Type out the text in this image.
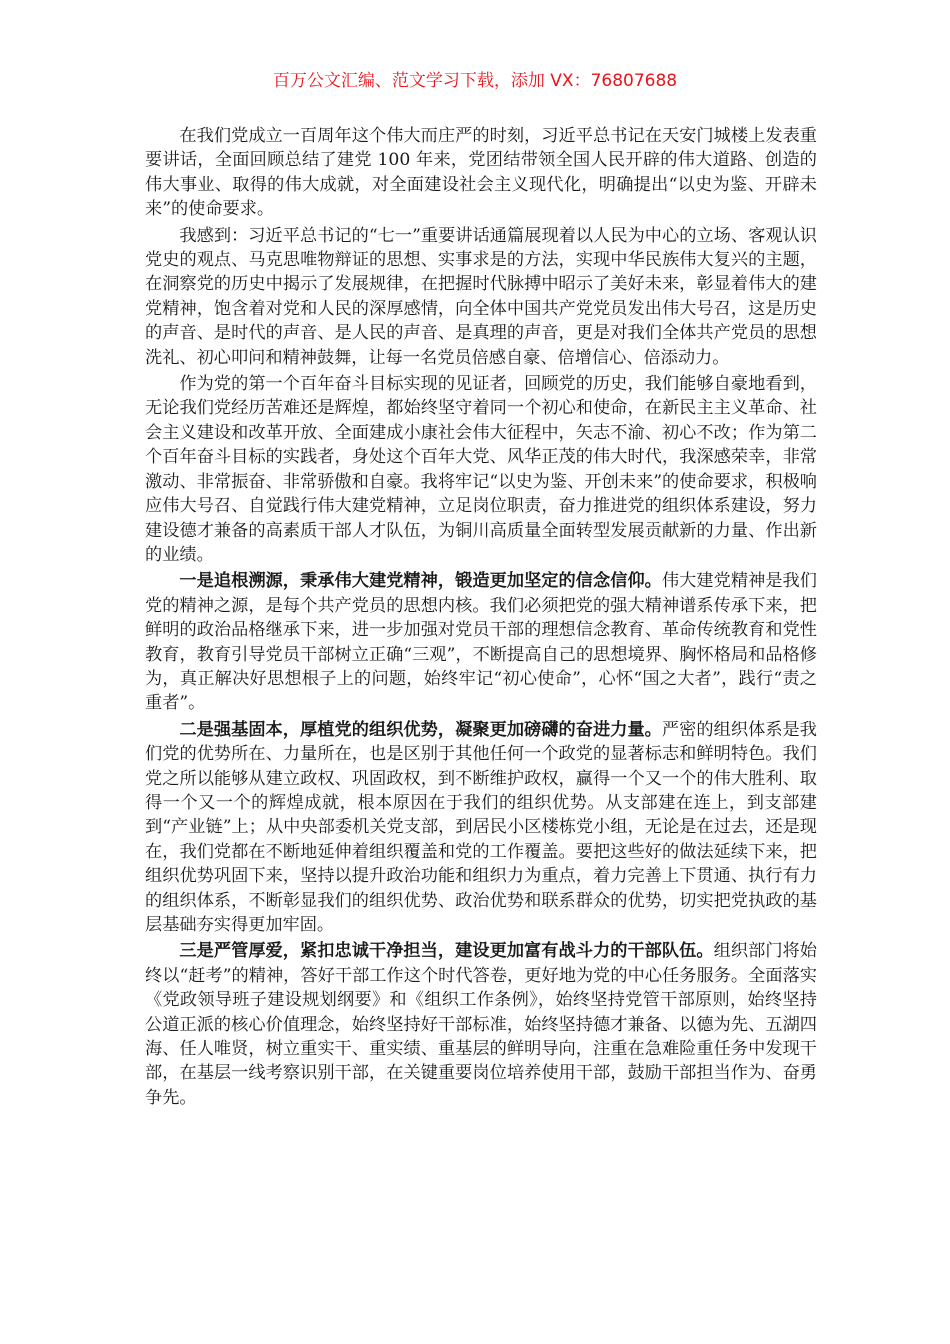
百万公文汇编、范文学习下载，添加 VX：76807688

在我们党成立一百周年这个伟大而庄严的时刻，习近平总书记在天安门城楼上发表重要讲话，全面回顾总结了建党 100 年来，党团结带领全国人民开辟的伟大道路、创造的伟大事业、取得的伟大成就，对全面建设社会主义现代化，明确提出“以史为鉴、开辟未来”的使命要求。

我感到：习近平总书记的“七一”重要讲话通篇展现着以人民为中心的立场、客观认识党史的观点、马克思唯物辩证的思想、实事求是的方法，实现中华民族伟大复兴的主题，在洞察党的历史中揭示了发展规律，在把握时代脉搏中昭示了美好未来，彰显着伟大的建党精神，饱含着对党和人民的深厚感情，向全体中国共产党党员发出伟大号召，这是历史的声音、是时代的声音、是人民的声音、是真理的声音，更是对我们全体共产党员的思想洗礼、初心叩问和精神鼓舞，让每一名党员倍感自豪、倍增信心、倍添动力。

作为党的第一个百年奋斗目标实现的见证者，回顾党的历史，我们能够自豪地看到，无论我们党经历苦难还是辉煌，都始终坚守着同一个初心和使命，在新民主主义革命、社会主义建设和改革开放、全面建成小康社会伟大征程中，矢志不渝、初心不改；作为第二个百年奋斗目标的实践者，身处这个百年大党、风华正茂的伟大时代，我深感荣幸，非常激动、非常振奋、非常骄傲和自豪。我将牢记“以史为鉴、开创未来”的使命要求，积极响应伟大号召、自觉践行伟大建党精神，立足岗位职责，奋力推进党的组织体系建设，努力建设德才兼备的高素质干部人才队伍，为铜川高质量全面转型发展贡献新的力量、作出新的业绩。

一是追根溯源，秉承伟大建党精神，锻造更加坚定的信念信仰。伟大建党精神是我们党的精神之源，是每个共产党员的思想内核。我们必须把党的强大精神谱系传承下来，把鲜明的政治品格继承下来，进一步加强对党员干部的理想信念教育、革命传统教育和党性教育，教育引导党员干部树立正确“三观”，不断提高自己的思想境界、胸怀格局和品格修为，真正解决好思想根子上的问题，始终牢记“初心使命”，心怀“国之大者”，践行“责之重者”。

二是强基固本，厚植党的组织优势，凝聚更加磅礴的奋进力量。严密的组织体系是我们党的优势所在、力量所在，也是区别于其他任何一个政党的显著标志和鲜明特色。我们党之所以能够从建立政权、巩固政权，到不断维护政权，赢得一个又一个的伟大胜利、取得一个又一个的辉煌成就，根本原因在于我们的组织优势。从支部建在连上，到支部建到“产业链”上；从中央部委机关党支部，到居民小区楼栋党小组，无论是在过去，还是现在，我们党都在不断地延伸着组织覆盖和党的工作覆盖。要把这些好的做法延续下来，把组织优势巩固下来，坚持以提升政治功能和组织力为重点，着力完善上下贯通、执行有力的组织体系，不断彰显我们的组织优势、政治优势和联系群众的优势，切实把党执政的基层基础夯实得更加牢固。

三是严管厚爱，紧扣忠诚干净担当，建设更加富有战斗力的干部队伍。组织部门将始终以“赶考”的精神，答好干部工作这个时代答卷，更好地为党的中心任务服务。全面落实《党政领导班子建设规划纲要》和《组织工作条例》，始终坚持党管干部原则，始终坚持公道正派的核心价值理念，始终坚持好干部标准，始终坚持德才兼备、以德为先、五湖四海、任人唯贤，树立重实干、重实绩、重基层的鲜明导向，注重在急难险重任务中发现干部，在基层一线考察识别干部，在关键重要岗位培养使用干部，鼓励干部担当作为、奋勇争先。
